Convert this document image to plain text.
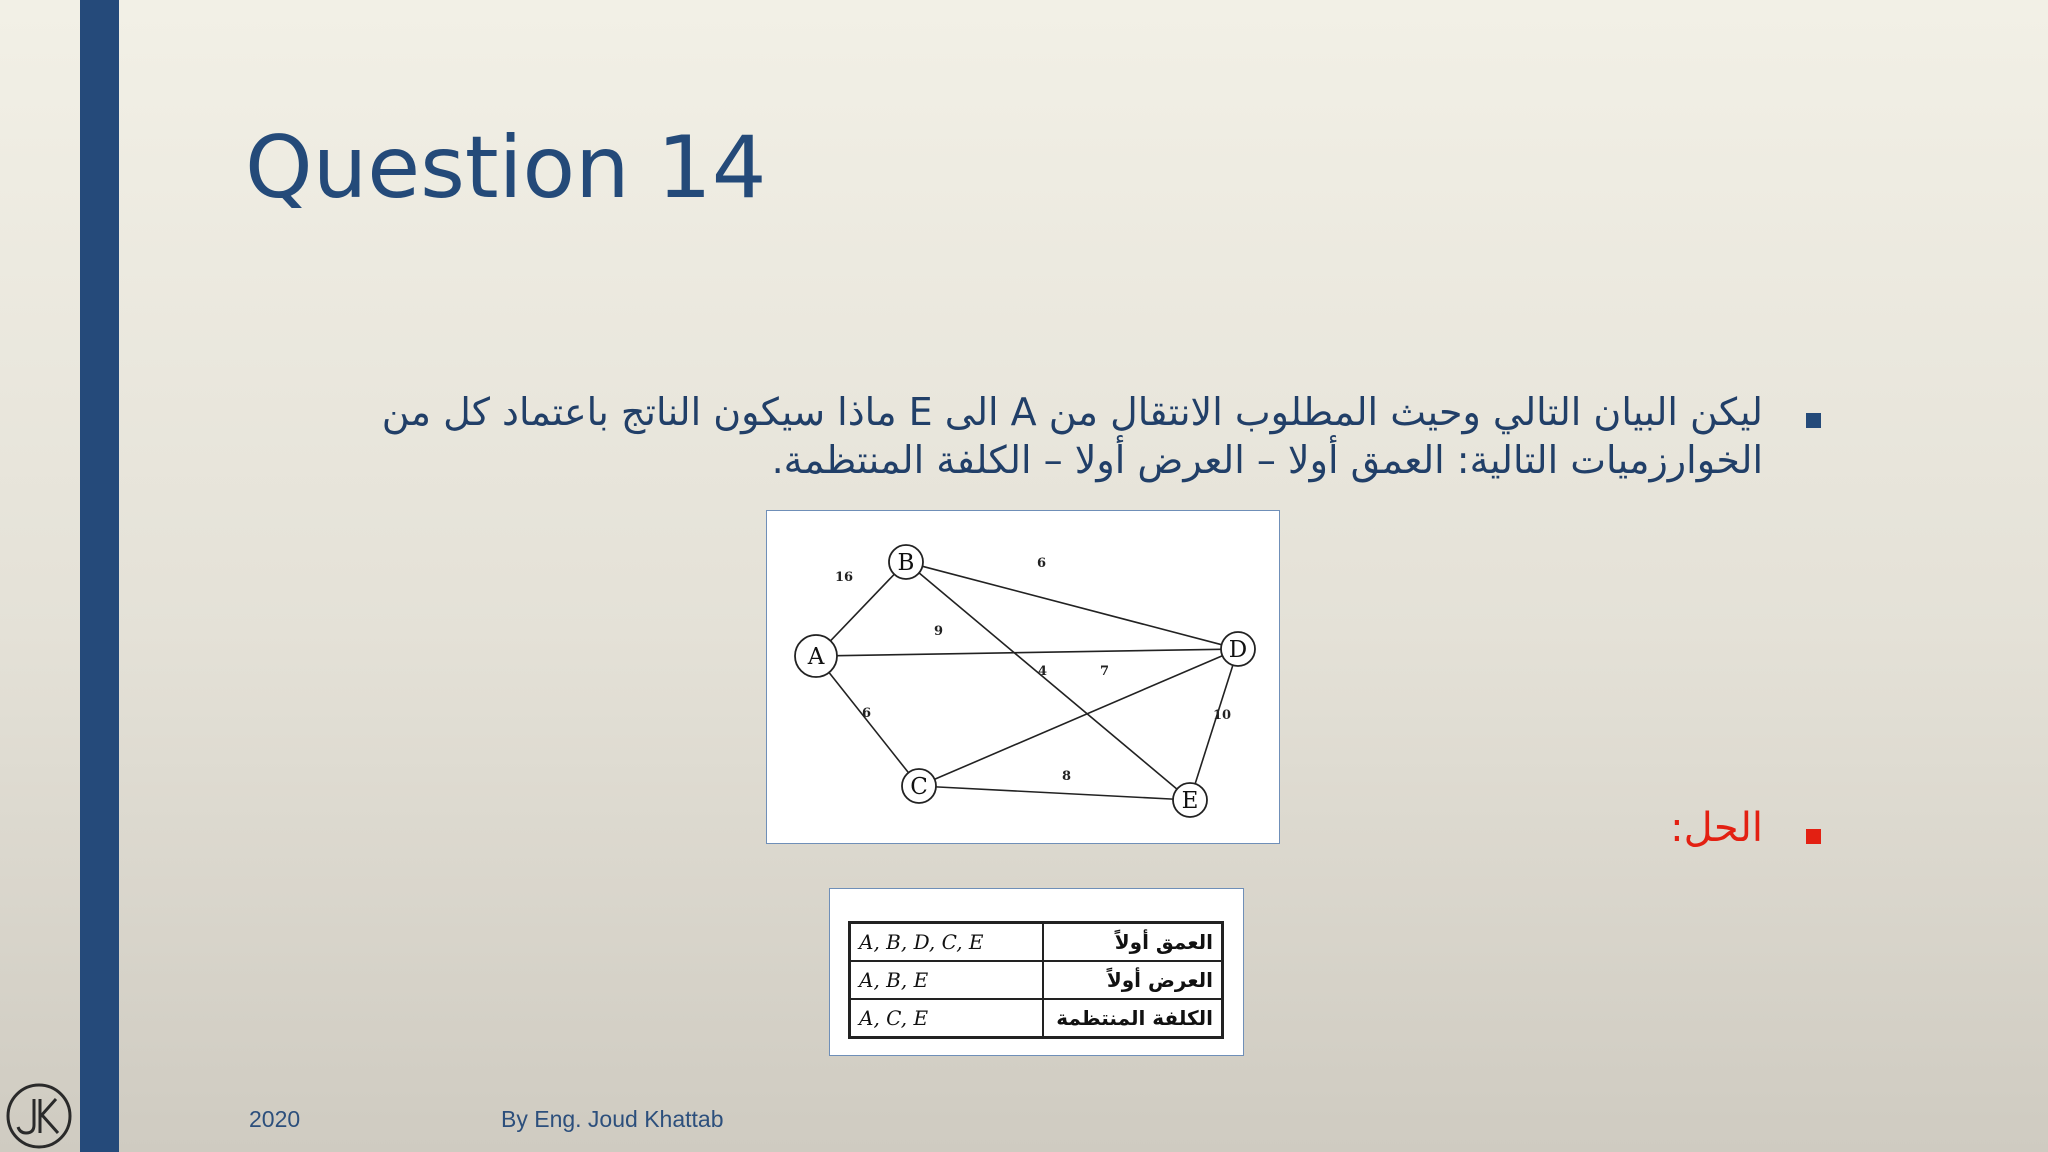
Question 14
ليكن البيان التالي وحيث المطلوب الانتقال من A الى E ماذا سيكون الناتج باعتماد كل من الخوارزميات التالية: العمق أولا – العرض أولا – الكلفة المنتظمة.
16
9
6
6
4	7
8
10
A
B
C
D
E
الحل:
A, B, D, C, E	العمق أولاً
A, B, E	العرض أولاً
A, C, E	الكلفة المنتظمة
2020	By Eng. Joud Khattab
